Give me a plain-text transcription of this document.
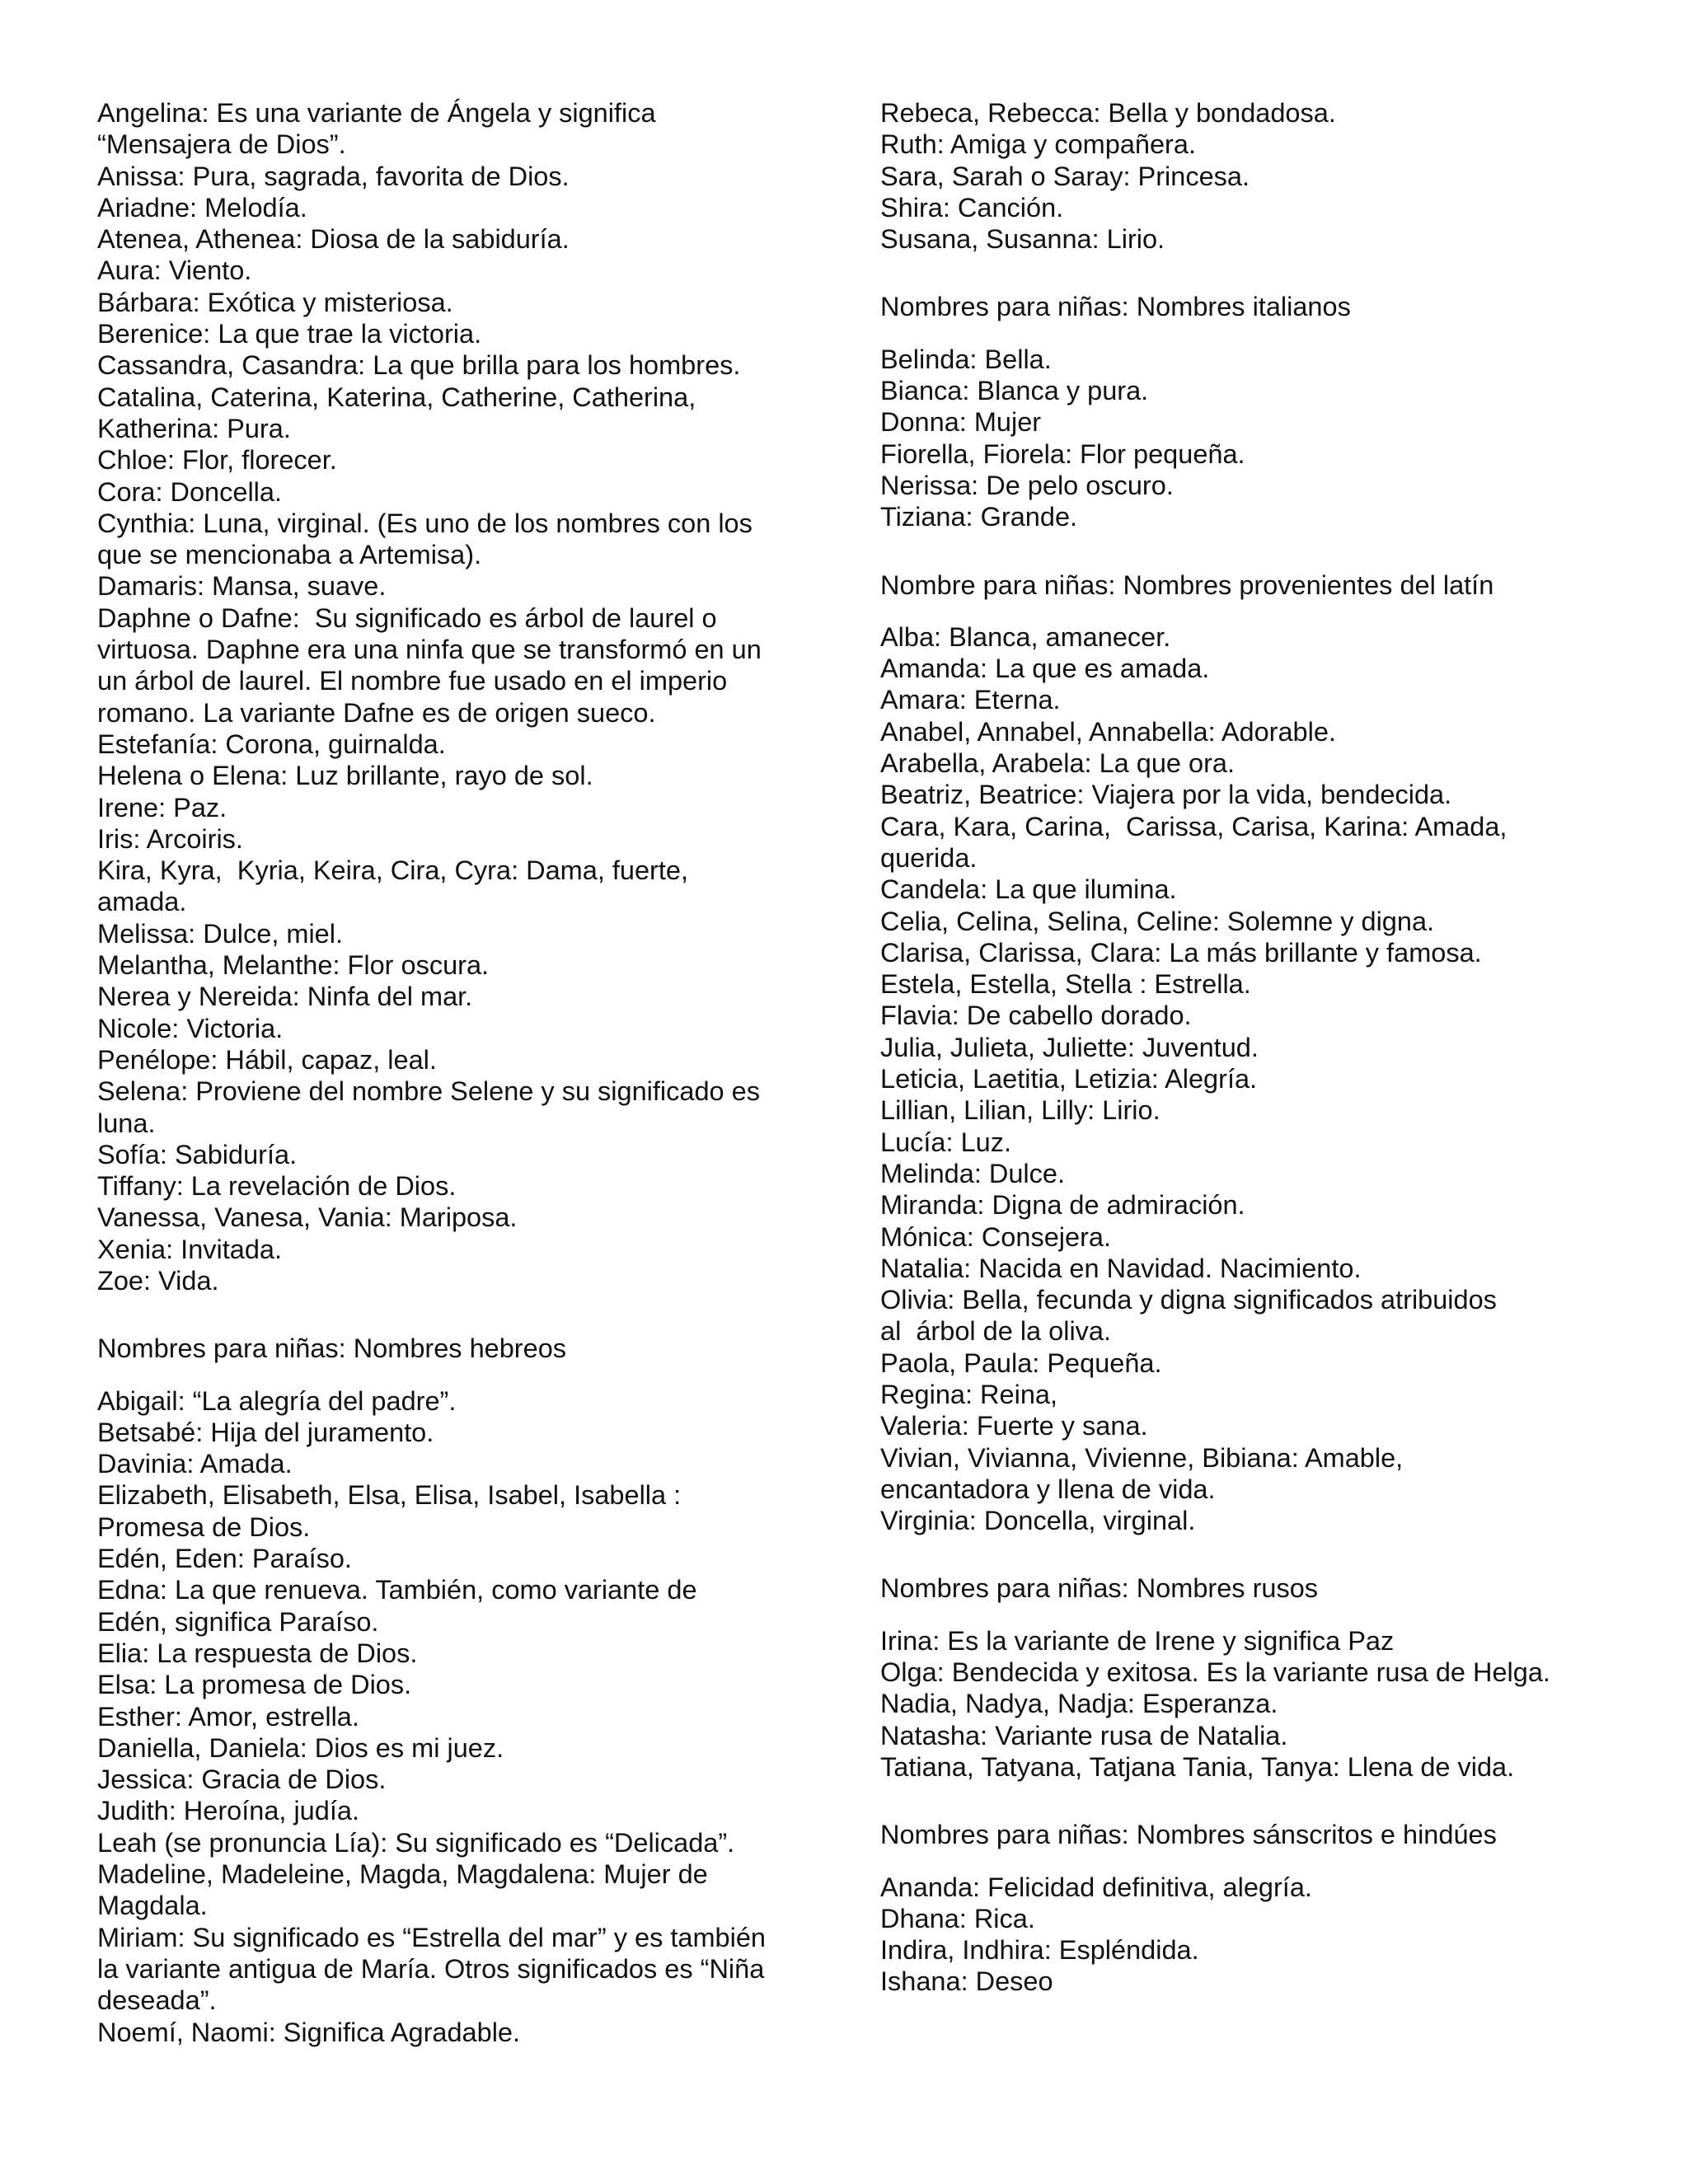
Angelina: Es una variante de Ángela y significa
“Mensajera de Dios”.
Anissa: Pura, sagrada, favorita de Dios.
Ariadne: Melodía.
Atenea, Athenea: Diosa de la sabiduría.
Aura: Viento.
Bárbara: Exótica y misteriosa.
Berenice: La que trae la victoria.
Cassandra, Casandra: La que brilla para los hombres.
Catalina, Caterina, Katerina, Catherine, Catherina,
Katherina: Pura.
Chloe: Flor, florecer.
Cora: Doncella.
Cynthia: Luna, virginal. (Es uno de los nombres con los
que se mencionaba a Artemisa).
Damaris: Mansa, suave.
Daphne o Dafne:  Su significado es árbol de laurel o
virtuosa. Daphne era una ninfa que se transformó en un
un árbol de laurel. El nombre fue usado en el imperio
romano. La variante Dafne es de origen sueco.
Estefanía: Corona, guirnalda.
Helena o Elena: Luz brillante, rayo de sol.
Irene: Paz.
Iris: Arcoiris.
Kira, Kyra,  Kyria, Keira, Cira, Cyra: Dama, fuerte,
amada.
Melissa: Dulce, miel.
Melantha, Melanthe: Flor oscura.
Nerea y Nereida: Ninfa del mar.
Nicole: Victoria.
Penélope: Hábil, capaz, leal.
Selena: Proviene del nombre Selene y su significado es
luna.
Sofía: Sabiduría.
Tiffany: La revelación de Dios.
Vanessa, Vanesa, Vania: Mariposa.
Xenia: Invitada.
Zoe: Vida.
Nombres para niñas: Nombres hebreos
Abigail: “La alegría del padre”.
Betsabé: Hija del juramento.
Davinia: Amada.
Elizabeth, Elisabeth, Elsa, Elisa, Isabel, Isabella :
Promesa de Dios.
Edén, Eden: Paraíso.
Edna: La que renueva. También, como variante de
Edén, significa Paraíso.
Elia: La respuesta de Dios.
Elsa: La promesa de Dios.
Esther: Amor, estrella.
Daniella, Daniela: Dios es mi juez.
Jessica: Gracia de Dios.
Judith: Heroína, judía.
Leah (se pronuncia Lía): Su significado es “Delicada”.
Madeline, Madeleine, Magda, Magdalena: Mujer de
Magdala.
Miriam: Su significado es “Estrella del mar” y es también
la variante antigua de María. Otros significados es “Niña
deseada”.
Noemí, Naomi: Significa Agradable.
Rebeca, Rebecca: Bella y bondadosa.
Ruth: Amiga y compañera.
Sara, Sarah o Saray: Princesa.
Shira: Canción.
Susana, Susanna: Lirio.
Nombres para niñas: Nombres italianos
Belinda: Bella.
Bianca: Blanca y pura.
Donna: Mujer
Fiorella, Fiorela: Flor pequeña.
Nerissa: De pelo oscuro.
Tiziana: Grande.
Nombre para niñas: Nombres provenientes del latín
Alba: Blanca, amanecer.
Amanda: La que es amada.
Amara: Eterna.
Anabel, Annabel, Annabella: Adorable.
Arabella, Arabela: La que ora.
Beatriz, Beatrice: Viajera por la vida, bendecida.
Cara, Kara, Carina,  Carissa, Carisa, Karina: Amada,
querida.
Candela: La que ilumina.
Celia, Celina, Selina, Celine: Solemne y digna.
Clarisa, Clarissa, Clara: La más brillante y famosa.
Estela, Estella, Stella : Estrella.
Flavia: De cabello dorado.
Julia, Julieta, Juliette: Juventud.
Leticia, Laetitia, Letizia: Alegría.
Lillian, Lilian, Lilly: Lirio.
Lucía: Luz.
Melinda: Dulce.
Miranda: Digna de admiración.
Mónica: Consejera.
Natalia: Nacida en Navidad. Nacimiento.
Olivia: Bella, fecunda y digna significados atribuidos
al  árbol de la oliva.
Paola, Paula: Pequeña.
Regina: Reina,
Valeria: Fuerte y sana.
Vivian, Vivianna, Vivienne, Bibiana: Amable,
encantadora y llena de vida.
Virginia: Doncella, virginal.
Nombres para niñas: Nombres rusos
Irina: Es la variante de Irene y significa Paz
Olga: Bendecida y exitosa. Es la variante rusa de Helga.
Nadia, Nadya, Nadja: Esperanza.
Natasha: Variante rusa de Natalia.
Tatiana, Tatyana, Tatjana Tania, Tanya: Llena de vida.
Nombres para niñas: Nombres sánscritos e hindúes
Ananda: Felicidad definitiva, alegría.
Dhana: Rica.
Indira, Indhira: Espléndida.
Ishana: Deseo
